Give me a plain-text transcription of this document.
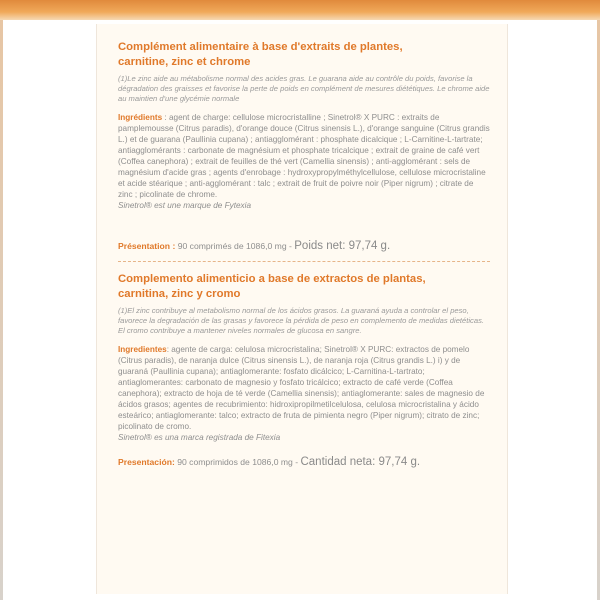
Complément alimentaire à base d'extraits de plantes,
carnitine, zinc et chrome

(1)Le zinc aide au métabolisme normal des acides gras. Le guarana aide au contrôle du poids, favorise la dégradation des graisses et favorise la perte de poids en complément de mesures diététiques. Le chrome aide au maintien d'une glycémie normale

Ingrédients : agent de charge: cellulose microcristalline ; Sinetrol® X PURC : extraits de pamplemousse (Citrus paradis), d'orange douce (Citrus sinensis L.), d'orange sanguine (Citrus grandis L.) et de guarana (Paullinia cupana) ; antiagglomérant : phosphate dicalcique ; L-Carnitine-L-tartrate; antiagglomérants : carbonate de magnésium et phosphate tricalcique ; extrait de graine de café vert (Coffea canephora) ; extrait de feuilles de thé vert (Camellia sinensis) ; anti-agglomérant : sels de magnésium d'acide gras ; agents d'enrobage : hydroxypropylméthylcellulose, cellulose microcristaline et acide stéarique ; anti-agglomérant : talc ; extrait de fruit de poivre noir (Piper nigrum) ; citrate de zinc ; picolinate de chrome.
Sinetrol® est une marque de Fytexia

Présentation : 90 comprimés de 1086,0 mg - Poids net: 97,74 g.

Complemento alimenticio a base de extractos de plantas,
carnitina, zinc y cromo

(1)El zinc contribuye al metabolismo normal de los ácidos grasos. La guaraná ayuda a controlar el peso, favorece la degradación de las grasas y favorece la pérdida de peso en complemento de medidas dietéticas. El cromo contribuye a mantener niveles normales de glucosa en sangre.

Ingredientes: agente de carga: celulosa microcristalina; Sinetrol® X PURC: extractos de pomelo (Citrus paradis), de naranja dulce (Citrus sinensis L.), de naranja roja (Citrus grandis L.) i) y de guaraná (Paullinia cupana); antiaglomerante: fosfato dicálcico; L-Carnitina-L-tartrato; antiaglomerantes: carbonato de magnesio y fosfato tricálcico; extracto de café verde (Coffea canephora); extracto de hoja de té verde (Camellia sinensis); antiaglomerante: sales de magnesio de ácidos grasos; agentes de recubrimiento: hidroxipropilmetilcelulosa, celulosa microcristalina y ácido esteárico; antiaglomerante: talco; extracto de fruta de pimienta negro (Piper nigrum); citrato de zinc; picolinato de cromo.
Sinetrol® es una marca registrada de Fitexia

Presentación: 90 comprimidos de 1086,0 mg - Cantidad neta: 97,74 g.
